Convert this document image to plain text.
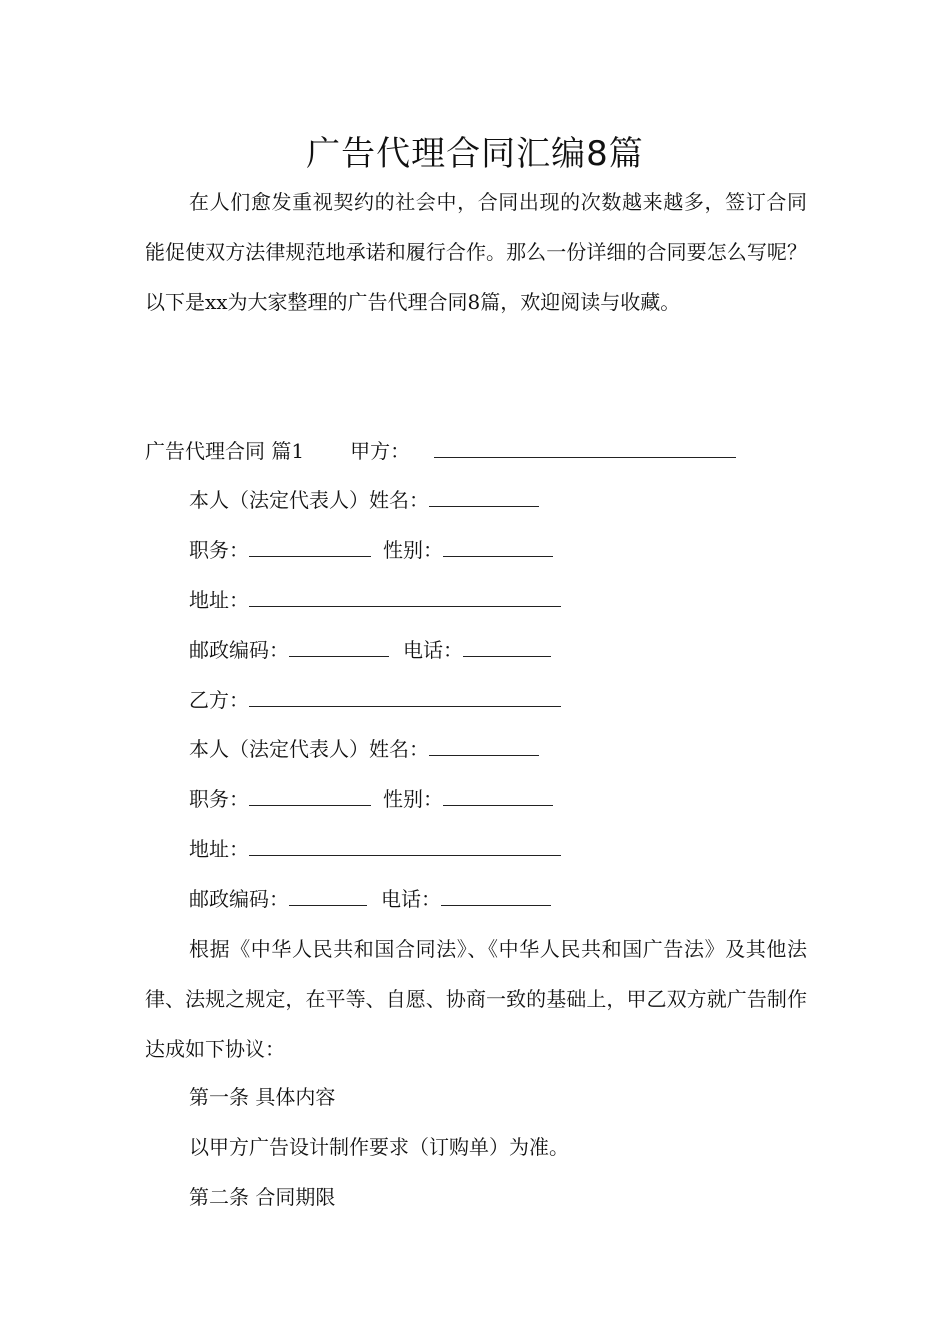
广告代理合同汇编8篇

在人们愈发重视契约的社会中，合同出现的次数越来越多，签订合同能促使双方法律规范地承诺和履行合作。那么一份详细的合同要怎么写呢？以下是xx为大家整理的广告代理合同8篇，欢迎阅读与收藏。

广告代理合同 篇1 甲方：
本人（法定代表人）姓名：
职务：	性别：
地址：
邮政编码：	电话：
乙方：
本人（法定代表人）姓名：
职务：	性别：
地址：
邮政编码：	电话：

根据《中华人民共和国合同法》、《中华人民共和国广告法》及其他法律、法规之规定，在平等、自愿、协商一致的基础上，甲乙双方就广告制作达成如下协议：

第一条 具体内容
以甲方广告设计制作要求（订购单）为准。
第二条 合同期限
